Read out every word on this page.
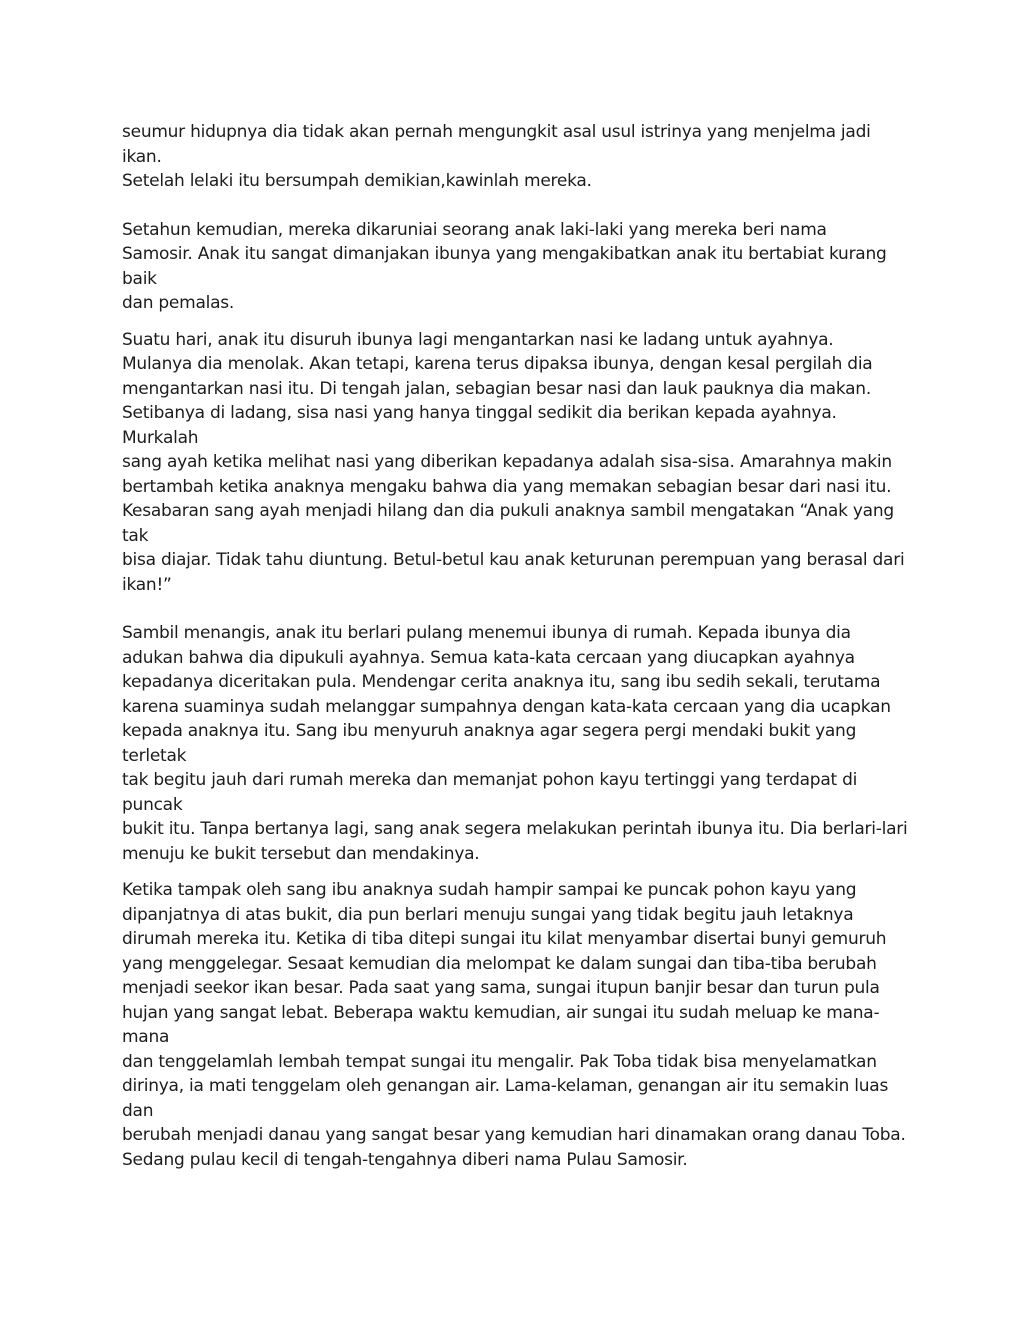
seumur hidupnya dia tidak akan pernah mengungkit asal usul istrinya yang menjelma jadi ikan.
Setelah lelaki itu bersumpah demikian,kawinlah mereka.

Setahun kemudian, mereka dikaruniai seorang anak laki-laki yang mereka beri nama
Samosir. Anak itu sangat dimanjakan ibunya yang mengakibatkan anak itu bertabiat kurang baik
dan pemalas.

Suatu hari, anak itu disuruh ibunya lagi mengantarkan nasi ke ladang untuk ayahnya.
Mulanya dia menolak. Akan tetapi, karena terus dipaksa ibunya, dengan kesal pergilah dia
mengantarkan nasi itu. Di tengah jalan, sebagian besar nasi dan lauk pauknya dia makan.
Setibanya di ladang, sisa nasi yang hanya tinggal sedikit dia berikan kepada ayahnya. Murkalah
sang ayah ketika melihat nasi yang diberikan kepadanya adalah sisa-sisa. Amarahnya makin
bertambah ketika anaknya mengaku bahwa dia yang memakan sebagian besar dari nasi itu.
Kesabaran sang ayah menjadi hilang dan dia pukuli anaknya sambil mengatakan “Anak yang tak
bisa diajar. Tidak tahu diuntung. Betul-betul kau anak keturunan perempuan yang berasal dari
ikan!”

Sambil menangis, anak itu berlari pulang menemui ibunya di rumah. Kepada ibunya dia
adukan bahwa dia dipukuli ayahnya. Semua kata-kata cercaan yang diucapkan ayahnya
kepadanya diceritakan pula. Mendengar cerita anaknya itu, sang ibu sedih sekali, terutama
karena suaminya sudah melanggar sumpahnya dengan kata-kata cercaan yang dia ucapkan
kepada anaknya itu. Sang ibu menyuruh anaknya agar segera pergi mendaki bukit yang terletak
tak begitu jauh dari rumah mereka dan memanjat pohon kayu tertinggi yang terdapat di puncak
bukit itu. Tanpa bertanya lagi, sang anak segera melakukan perintah ibunya itu. Dia berlari-lari
menuju ke bukit tersebut dan mendakinya.

Ketika tampak oleh sang ibu anaknya sudah hampir sampai ke puncak pohon kayu yang
dipanjatnya di atas bukit, dia pun berlari menuju sungai yang tidak begitu jauh letaknya
dirumah mereka itu. Ketika di tiba ditepi sungai itu kilat menyambar disertai bunyi gemuruh
yang menggelegar. Sesaat kemudian dia melompat ke dalam sungai dan tiba-tiba berubah
menjadi seekor ikan besar. Pada saat yang sama, sungai itupun banjir besar dan turun pula
hujan yang sangat lebat. Beberapa waktu kemudian, air sungai itu sudah meluap ke mana-mana
dan tenggelamlah lembah tempat sungai itu mengalir. Pak Toba tidak bisa menyelamatkan
dirinya, ia mati tenggelam oleh genangan air. Lama-kelaman, genangan air itu semakin luas dan
berubah menjadi danau yang sangat besar yang kemudian hari dinamakan orang danau Toba.
Sedang pulau kecil di tengah-tengahnya diberi nama Pulau Samosir.
